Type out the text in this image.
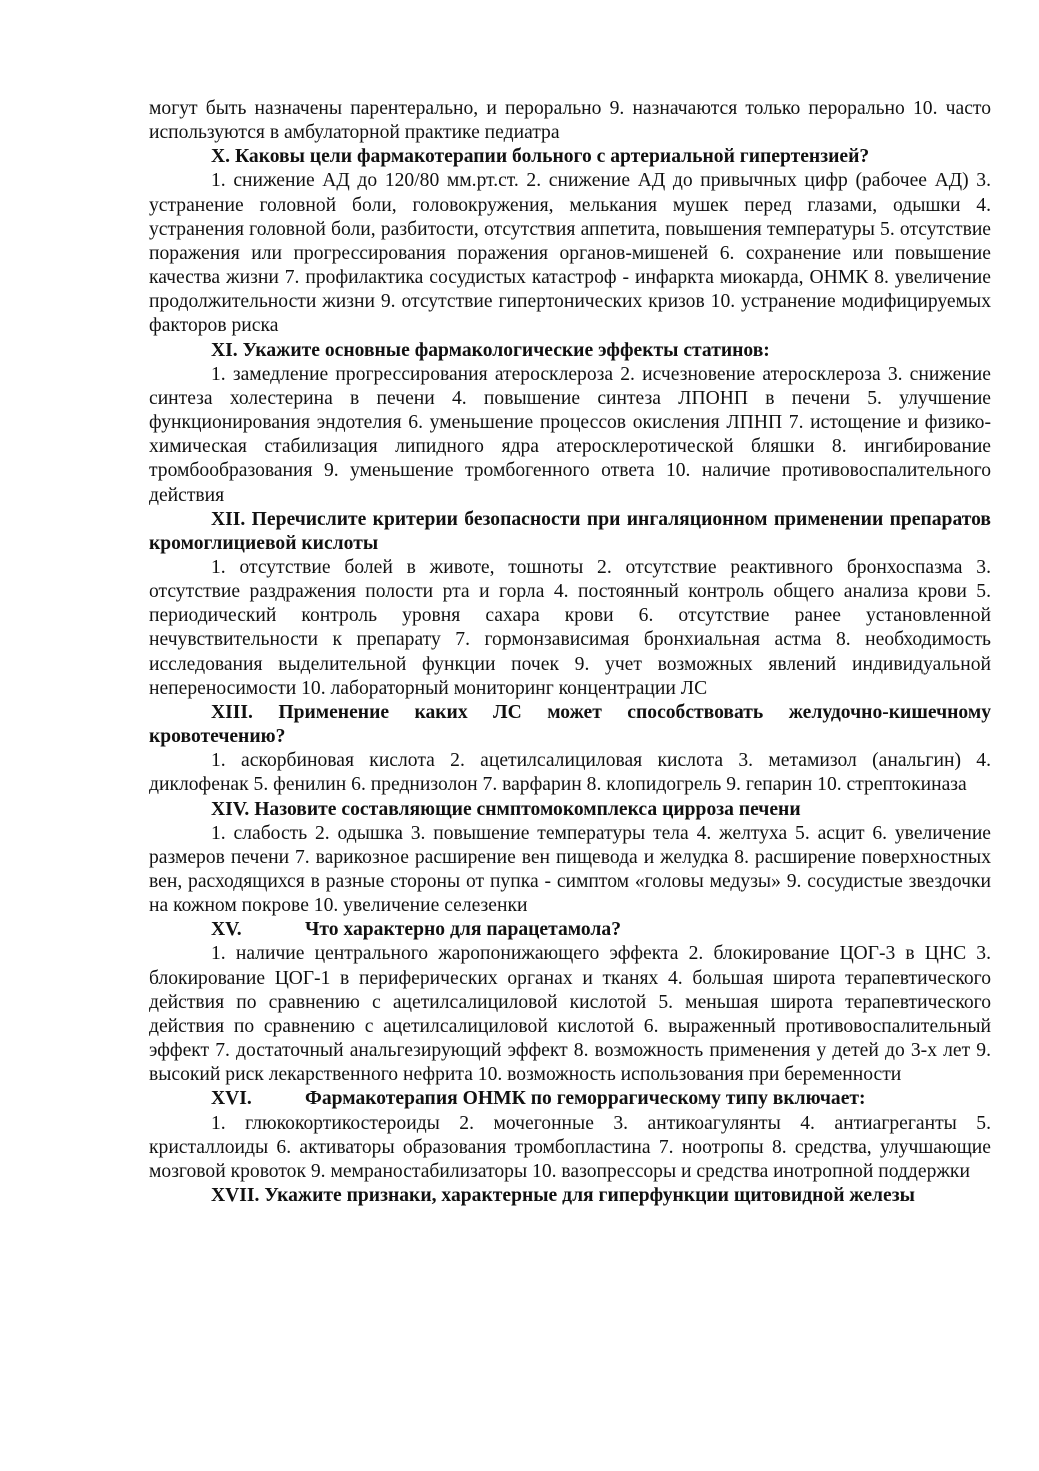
могут быть назначены парентерально, и перорально 9. назначаются только перорально 10. часто используются в амбулаторной практике педиатра

X. Каковы цели фармакотерапии больного с артериальной гипертензией?

1. снижение АД до 120/80 мм.рт.ст. 2. снижение АД до привычных цифр (рабочее АД) 3. устранение головной боли, головокружения, мелькания мушек перед глазами, одышки 4. устранения головной боли, разбитости, отсутствия аппетита, повышения температуры 5. отсутствие поражения или прогрессирования поражения органов-мишеней 6. сохранение или повышение качества жизни 7. профилактика сосудистых катастроф - инфаркта миокарда, ОНМК 8. увеличение продолжительности жизни 9. отсутствие гипертонических кризов 10. устранение модифицируемых факторов риска

XI. Укажите основные фармакологические эффекты статинов:

1. замедление прогрессирования атеросклероза 2. исчезновение атеросклероза 3. снижение синтеза холестерина в печени 4. повышение синтеза ЛПОНП в печени 5. улучшение функционирования эндотелия 6. уменьшение процессов окисления ЛПНП 7. истощение и физико-химическая стабилизация липидного ядра атеросклеротической бляшки 8. ингибирование тромбообразования 9. уменьшение тромбогенного ответа 10. наличие противовоспалительного действия

XII. Перечислите критерии безопасности при ингаляционном применении препаратов кромоглициевой кислоты

1. отсутствие болей в животе, тошноты 2. отсутствие реактивного бронхоспазма 3. отсутствие раздражения полости рта и горла 4. постоянный контроль общего анализа крови 5. периодический контроль уровня сахара крови 6. отсутствие ранее установленной нечувствительности к препарату 7. гормонзависимая бронхиальная астма 8. необходимость исследования выделительной функции почек 9. учет возможных явлений индивидуальной непереносимости 10. лабораторный мониторинг концентрации ЛС

XIII. Применение каких ЛС может способствовать желудочно-кишечному кровотечению?

1. аскорбиновая кислота 2. ацетилсалициловая кислота 3. метамизол (анальгин) 4. диклофенак 5. фенилин 6. преднизолон 7. варфарин 8. клопидогрель 9. гепарин 10. стрептокиназа

XIV. Назовите составляющие снмптомокомплекса цирроза печени

1. слабость 2. одышка 3. повышение температуры тела 4. желтуха 5. асцит 6. увеличение размеров печени 7. варикозное расширение вен пищевода и желудка 8. расширение поверхностных вен, расходящихся в разные стороны от пупка - симптом «головы медузы» 9. сосудистые звездочки на кожном покрове 10. увеличение селезенки

XV.	Что характерно для парацетамола?

1. наличие центрального жаропонижающего эффекта 2. блокирование ЦОГ-3 в ЦНС 3. блокирование ЦОГ-1 в периферических органах и тканях 4. большая широта терапевтического действия по сравнению с ацетилсалициловой кислотой 5. меньшая широта терапевтического действия по сравнению с ацетилсалициловой кислотой 6. выраженный противовоспалительный эффект 7. достаточный анальгезирующий эффект 8. возможность применения у детей до 3-х лет 9. высокий риск лекарственного нефрита 10. возможность использования при беременности

XVI.	Фармакотерапия ОНМК по геморрагическому типу включает:

1. глюкокортикостероиды 2. мочегонные 3. антикоагулянты 4. антиагреганты 5. кристаллоиды 6. активаторы образования тромбопластина 7. ноотропы 8. средства, улучшающие мозговой кровоток 9. мемраностабилизаторы 10. вазопрессоры и средства инотропной поддержки

XVII. Укажите признаки, характерные для гиперфункции щитовидной железы
